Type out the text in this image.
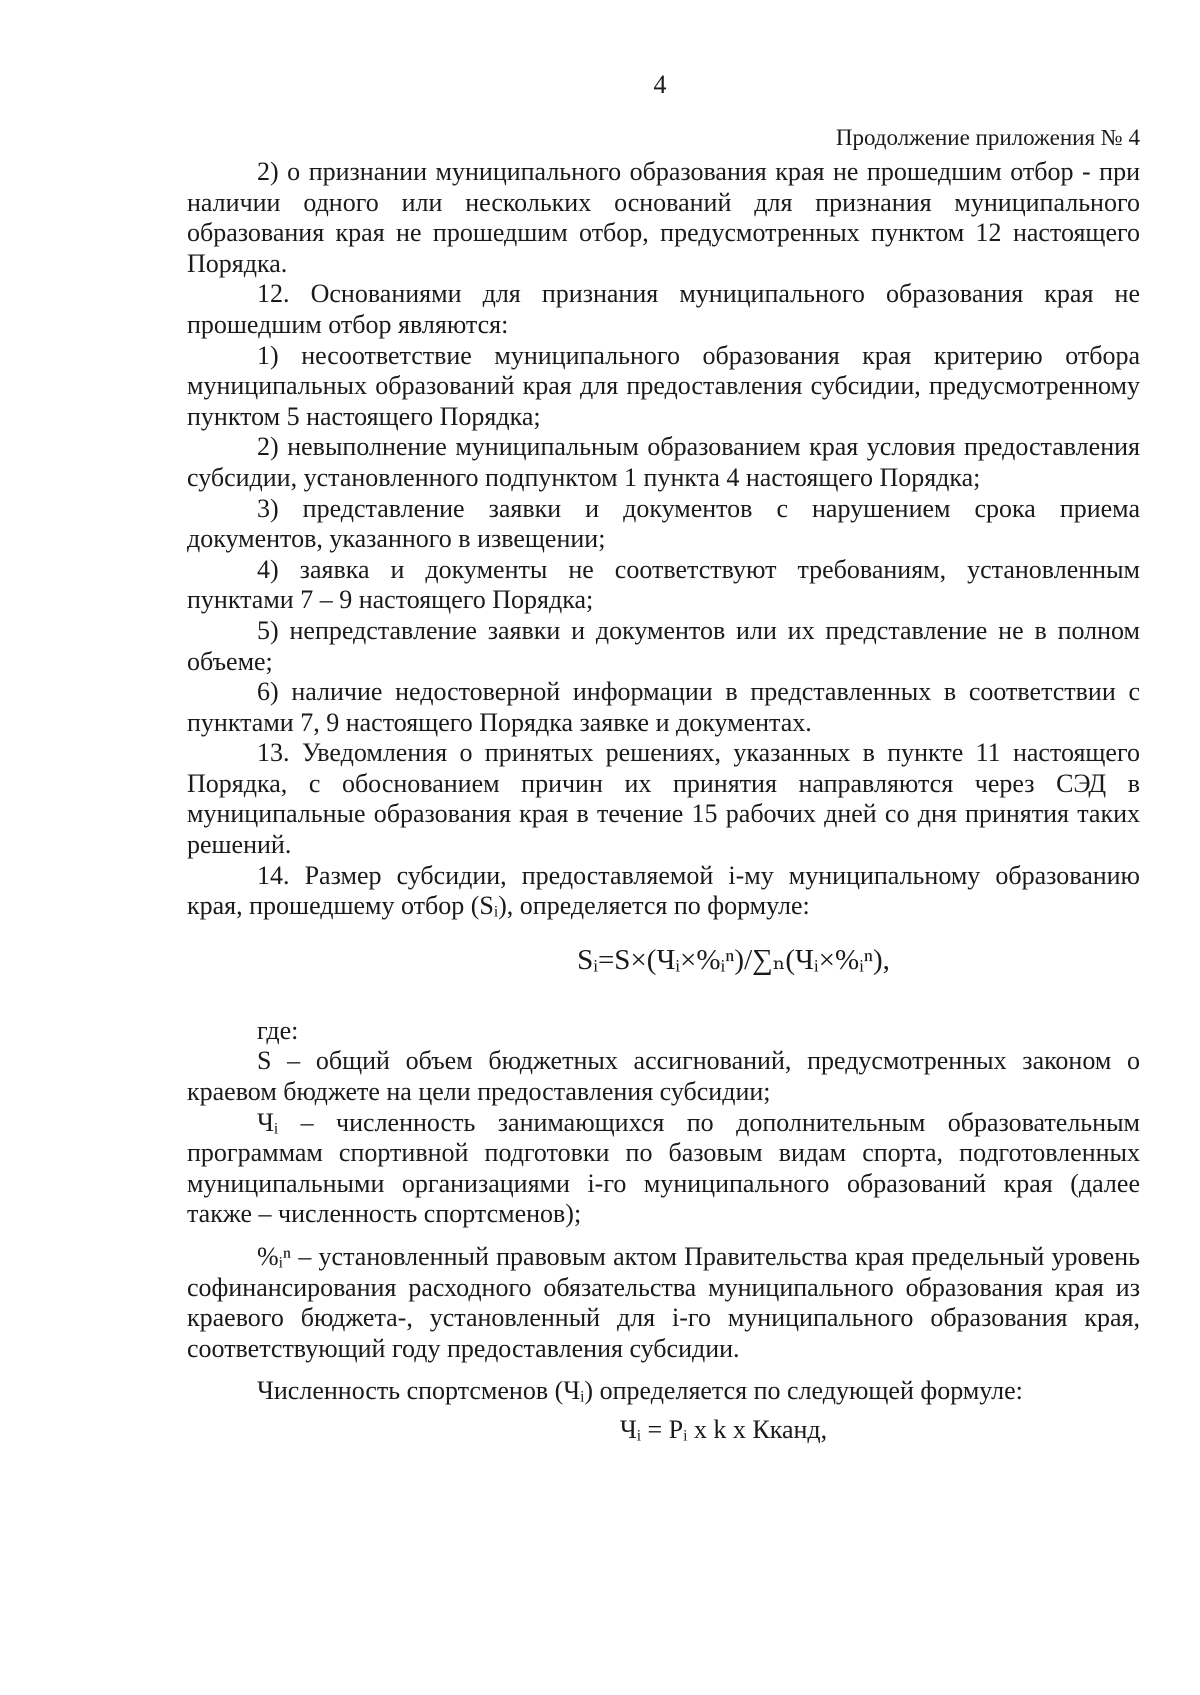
4
Продолжение приложения № 4

2) о признании муниципального образования края не прошедшим отбор - при наличии одного или нескольких оснований для признания муниципального образования края не прошедшим отбор, предусмотренных пунктом 12 настоящего Порядка.

12. Основаниями для признания муниципального образования края не прошедшим отбор являются:

1) несоответствие муниципального образования края критерию отбора муниципальных образований края для предоставления субсидии, предусмотренному пунктом 5 настоящего Порядка;

2) невыполнение муниципальным образованием края условия предоставления субсидии, установленного подпунктом 1 пункта 4 настоящего Порядка;

3) представление заявки и документов с нарушением срока приема документов, указанного в извещении;

4) заявка и документы не соответствуют требованиям, установленным пунктами 7 – 9 настоящего Порядка;

5) непредставление заявки и документов или их представление не в полном объеме;

6) наличие недостоверной информации в представленных в соответствии с пунктами 7, 9 настоящего Порядка заявке и документах.

13. Уведомления о принятых решениях, указанных в пункте 11 настоящего Порядка, с обоснованием причин их принятия направляются через СЭД в муниципальные образования края в течение 15 рабочих дней со дня принятия таких решений.

14. Размер субсидии, предоставляемой i-му муниципальному образованию края, прошедшему отбор (Sᵢ), определяется по формуле:

Sᵢ=S×(Чᵢ×%ᵢⁿ)/∑ₙ(Чᵢ×%ᵢⁿ),

где:

S – общий объем бюджетных ассигнований, предусмотренных законом о краевом бюджете на цели предоставления субсидии;

Чᵢ – численность занимающихся по дополнительным образовательным программам спортивной подготовки по базовым видам спорта, подготовленных муниципальными организациями i-го муниципального образований края (далее также – численность спортсменов);

%ᵢⁿ – установленный правовым актом Правительства края предельный уровень софинансирования расходного обязательства муниципального образования края из краевого бюджета-, установленный для i-го муниципального образования края, соответствующий году предоставления субсидии.

Численность спортсменов (Чᵢ) определяется по следующей формуле:

Чᵢ = Рᵢ x k x Ккан‌д,
